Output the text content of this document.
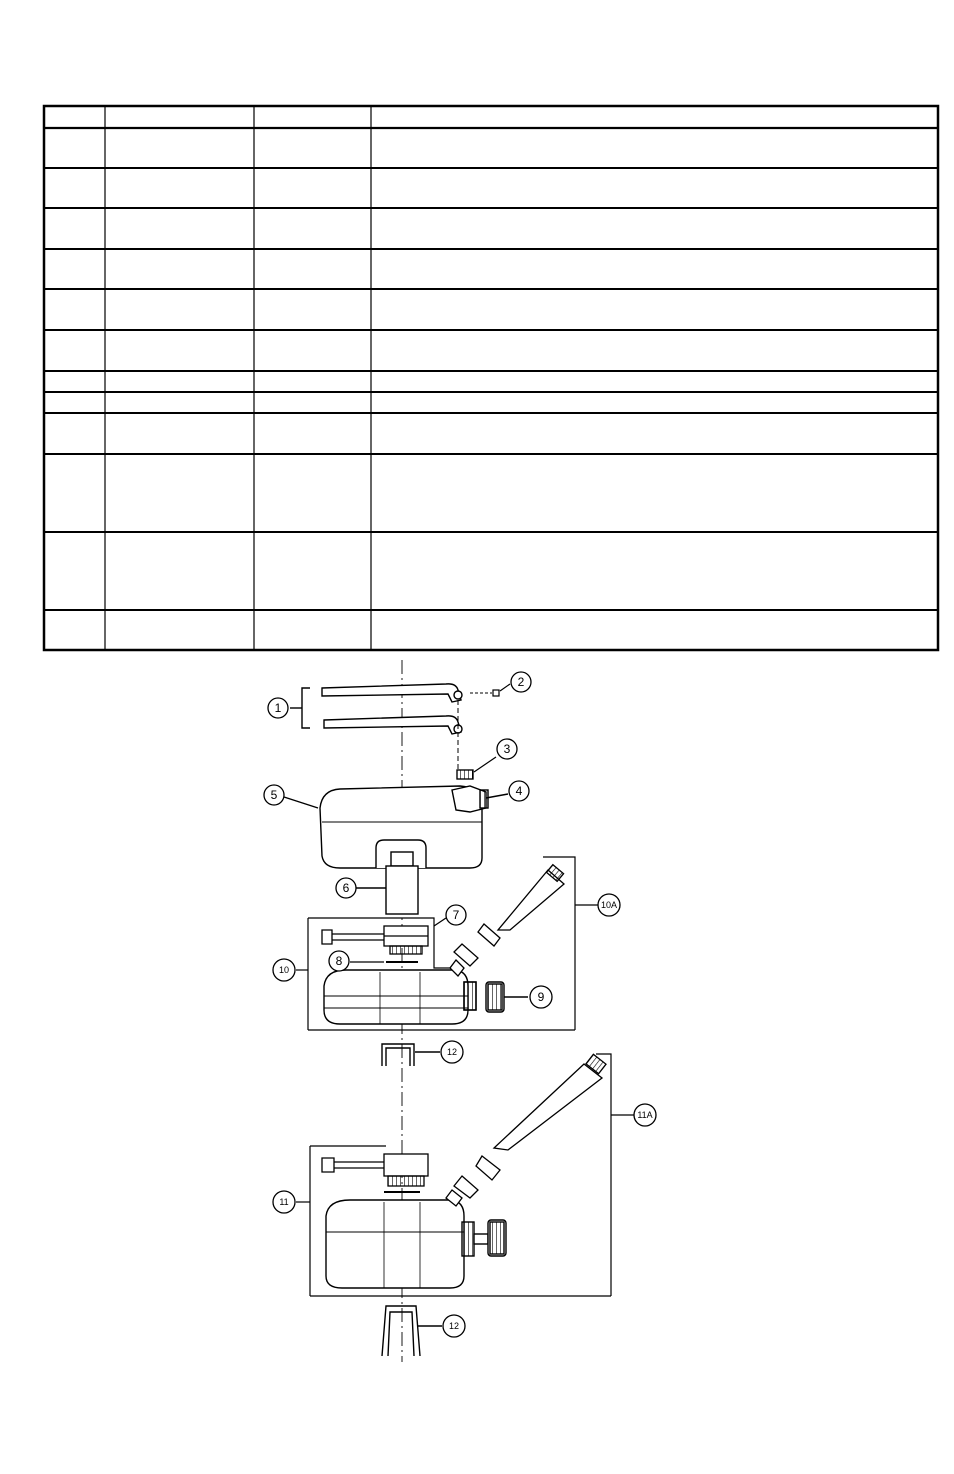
1
2
3
4
5
6
7
8
9
10
10A
11
11A
12
12
